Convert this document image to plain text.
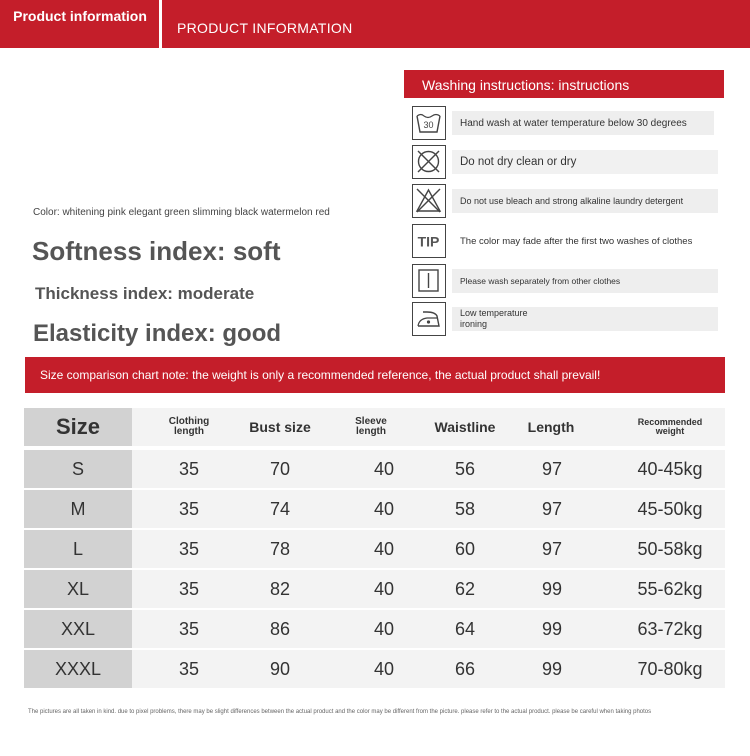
Product information
PRODUCT INFORMATION
Color: whitening pink elegant green slimming black watermelon red
Softness index: soft
Thickness index: moderate
Elasticity index: good
Washing instructions: instructions
30	Hand wash at water temperature below 30 degrees
Do not dry clean or dry
Do not use bleach and strong alkaline laundry detergent
TIP	The color may fade after the first two washes of clothes
Please wash separately from other clothes
Low temperature ironing
Size comparison chart note: the weight is only a recommended reference, the actual product shall prevail!
Size	Clothing length	Bust size	Sleeve length	Waistline	Length	Recommended weight
S	35	70	40	56	97	40-45kg
M	35	74	40	58	97	45-50kg
L	35	78	40	60	97	50-58kg
XL	35	82	40	62	99	55-62kg
XXL	35	86	40	64	99	63-72kg
XXXL	35	90	40	66	99	70-80kg
The pictures are all taken in kind. due to pixel problems, there may be slight differences between the actual product and the color may be different from the picture. please refer to the actual product. please be careful when taking photos
